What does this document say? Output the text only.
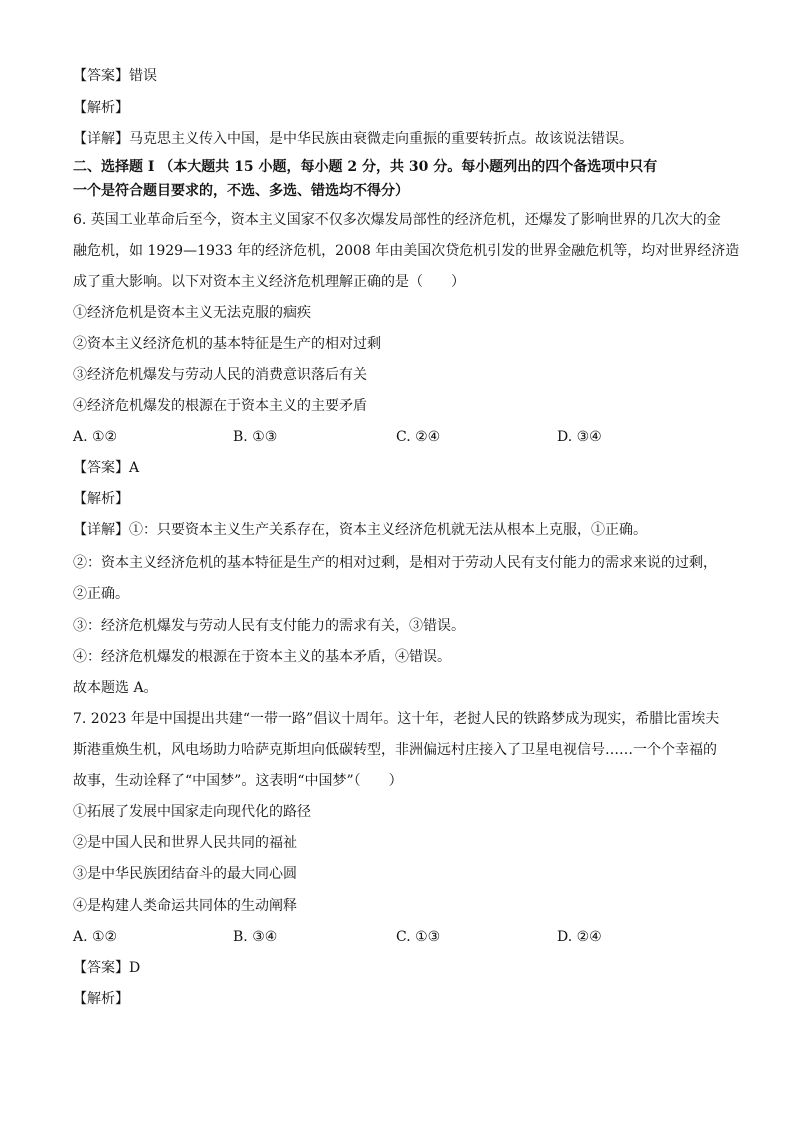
【答案】错误
【解析】
【详解】马克思主义传入中国，是中华民族由衰微走向重振的重要转折点。故该说法错误。
二、选择题 I （本大题共 15 小题，每小题 2 分，共 30 分。每小题列出的四个备选项中只有
一个是符合题目要求的，不选、多选、错选均不得分）
6. 英国工业革命后至今，资本主义国家不仅多次爆发局部性的经济危机，还爆发了影响世界的几次大的金
融危机，如 1929—1933 年的经济危机，2008 年由美国次贷危机引发的世界金融危机等，均对世界经济造
成了重大影响。以下对资本主义经济危机理解正确的是（　　）
①经济危机是资本主义无法克服的痼疾
②资本主义经济危机的基本特征是生产的相对过剩
③经济危机爆发与劳动人民的消费意识落后有关
④经济危机爆发的根源在于资本主义的主要矛盾
A. ①②	B. ①③	C. ②④	D. ③④
【答案】A
【解析】
【详解】①：只要资本主义生产关系存在，资本主义经济危机就无法从根本上克服，①正确。
②：资本主义经济危机的基本特征是生产的相对过剩，是相对于劳动人民有支付能力的需求来说的过剩，
②正确。
③：经济危机爆发与劳动人民有支付能力的需求有关，③错误。
④：经济危机爆发的根源在于资本主义的基本矛盾，④错误。
故本题选 A。
7. 2023 年是中国提出共建“一带一路”倡议十周年。这十年，老挝人民的铁路梦成为现实，希腊比雷埃夫
斯港重焕生机，风电场助力哈萨克斯坦向低碳转型，非洲偏远村庄接入了卫星电视信号……一个个幸福的
故事，生动诠释了“中国梦”。这表明“中国梦”（　　）
①拓展了发展中国家走向现代化的路径
②是中国人民和世界人民共同的福祉
③是中华民族团结奋斗的最大同心圆
④是构建人类命运共同体的生动阐释
A. ①②	B. ③④	C. ①③	D. ②④
【答案】D
【解析】
